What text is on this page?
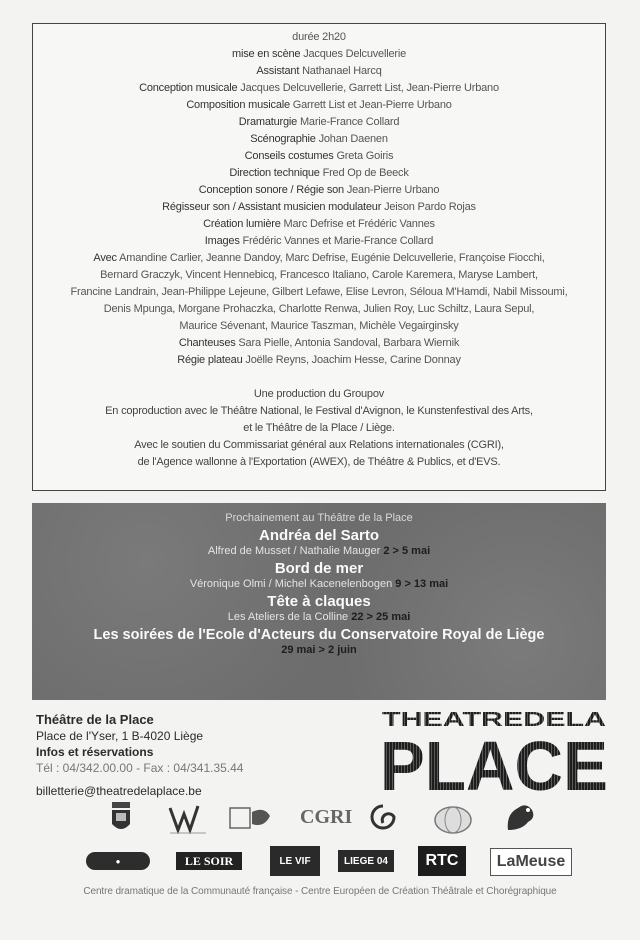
durée 2h20
mise en scène Jacques Delcuvellerie
Assistant Nathanael Harcq
Conception musicale Jacques Delcuvellerie, Garrett List, Jean-Pierre Urbano
Composition musicale Garrett List et Jean-Pierre Urbano
Dramaturgie Marie-France Collard
Scénographie Johan Daenen
Conseils costumes Greta Goiris
Direction technique Fred Op de Beeck
Conception sonore / Régie son Jean-Pierre Urbano
Régisseur son / Assistant musicien modulateur Jeison Pardo Rojas
Création lumière Marc Defrise et Frédéric Vannes
Images Frédéric Vannes et Marie-France Collard
Avec Amandine Carlier, Jeanne Dandoy, Marc Defrise, Eugénie Delcuvellerie, Françoise Fiocchi,
Bernard Graczyk, Vincent Hennebicq, Francesco Italiano, Carole Karemera, Maryse Lambert,
Francine Landrain, Jean-Philippe Lejeune, Gilbert Lefawe, Elise Levron, Séloua M'Hamdi, Nabil Missoumi,
Denis Mpunga, Morgane Prohaczka, Charlotte Renwa, Julien Roy, Luc Schiltz, Laura Sepul,
Maurice Sévenant, Maurice Taszman, Michèle Vegairginsky
Chanteuses Sara Pielle, Antonia Sandoval, Barbara Wiernik
Régie plateau Joëlle Reyns, Joachim Hesse, Carine Donnay
Une production du Groupov
En coproduction avec le Théâtre National, le Festival d'Avignon, le Kunstenfestival des Arts,
et le Théâtre de la Place / Liège.
Avec le soutien du Commissariat général aux Relations internationales (CGRI),
de l'Agence wallonne à l'Exportation (AWEX), de Théâtre & Publics, et d'EVS.
Prochainement au Théâtre de la Place
Andréa del Sarto
Alfred de Musset / Nathalie Mauger 2 > 5 mai
Bord de mer
Véronique Olmi / Michel Kacenelenbogen 9 > 13 mai
Tête à claques
Les Ateliers de la Colline 22 > 25 mai
Les soirées de l'Ecole d'Acteurs du Conservatoire Royal de Liège
29 mai > 2 juin
Théâtre de la Place
Place de l'Yser, 1 B-4020 Liège
Infos et réservations
Tél : 04/342.00.00 - Fax : 04/341.35.44
billetterie@theatredelaplace.be
THEATREDELA
PLACE
CGRI
●	LE SOIR	LE VIF	LIEGE 04	RTC	LaMeuse
Centre dramatique de la Communauté française - Centre Européen de Création Théâtrale et Chorégraphique
